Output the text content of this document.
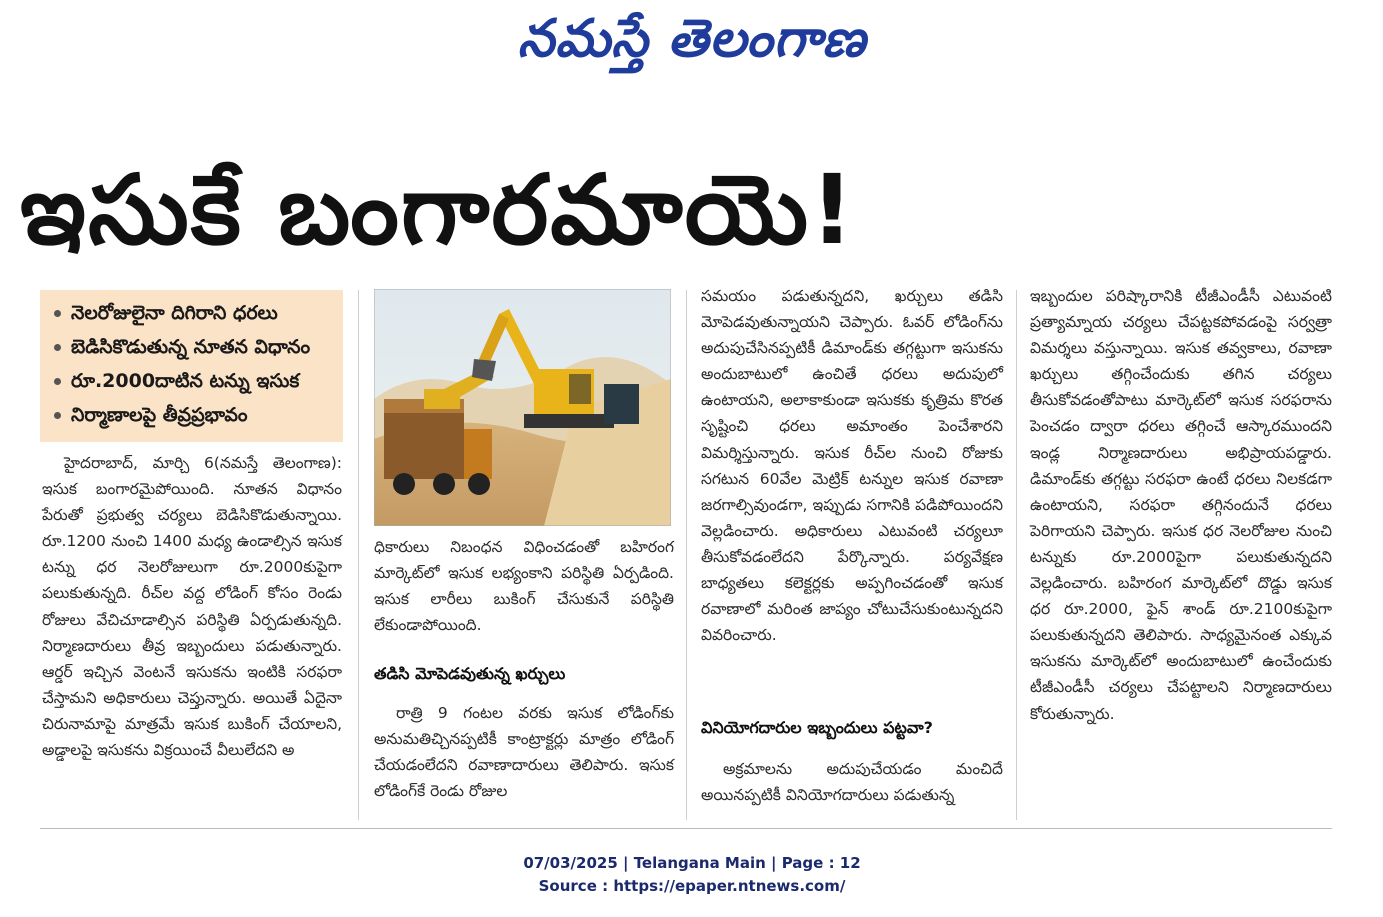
నమస్తే తెలంగాణ
ఇసుకే బంగారమాయె!
నెలరోజులైనా దిగిరాని ధరలు
బెడిసికొడుతున్న నూతన విధానం
రూ.2000దాటిన టన్ను ఇసుక
నిర్మాణాలపై తీవ్రప్రభావం

హైదరాబాద్, మార్చి 6(నమస్తే తెలంగాణ): ఇసుక బంగారమైపోయింది. నూతన విధానం పేరుతో ప్రభుత్వ చర్యలు బెడిసికొడుతున్నాయి. రూ.1200 నుంచి 1400 మధ్య ఉండాల్సిన ఇసుక టన్ను ధర నెలరోజులుగా రూ.2000కుపైగా పలుకుతున్నది. రీచ్‌ల వద్ద లోడింగ్ కోసం రెండు రోజులు వేచిచూడాల్సిన పరిస్థితి ఏర్పడుతున్నది. నిర్మాణదారులు తీవ్ర ఇబ్బందులు పడుతున్నారు. ఆర్డర్ ఇచ్చిన వెంటనే ఇసుకను ఇంటికి సరఫరా చేస్తామని అధికారులు చెప్తున్నారు. అయితే ఏదైనా చిరునామాపై మాత్రమే ఇసుక బుకింగ్ చేయాలని, అడ్డాలపై ఇసుకను విక్రయించే వీలులేదని అ

ధికారులు నిబంధన విధించడంతో బహిరంగ మార్కెట్‌లో ఇసుక లభ్యంకాని పరిస్థితి ఏర్పడింది. ఇసుక లారీలు బుకింగ్ చేసుకునే పరిస్థితి లేకుండాపోయింది.

తడిసి మోపెడవుతున్న ఖర్చులు

రాత్రి 9 గంటల వరకు ఇసుక లోడింగ్‌కు అనుమతిచ్చినప్పటికీ కాంట్రాక్టర్లు మాత్రం లోడింగ్ చేయడంలేదని రవాణాదారులు తెలిపారు. ఇసుక లోడింగ్‌కే రెండు రోజుల

సమయం పడుతున్నదని, ఖర్చులు తడిసి మోపెడవుతున్నాయని చెప్పారు. ఓవర్ లోడింగ్‌ను అదుపుచేసినప్పటికీ డిమాండ్‌కు తగ్గట్టుగా ఇసుకను అందుబాటులో ఉంచితే ధరలు అదుపులో ఉంటాయని, అలాకాకుండా ఇసుకకు కృత్రిమ కొరత సృష్టించి ధరలు అమాంతం పెంచేశారని విమర్శిస్తున్నారు. ఇసుక రీచ్‌ల నుంచి రోజుకు సగటున 60వేల మెట్రిక్ టన్నుల ఇసుక రవాణా జరగాల్సివుండగా, ఇప్పుడు సగానికి పడిపోయిందని వెల్లడించారు. అధికారులు ఎటువంటి చర్యలూ తీసుకోవడంలేదని పేర్కొన్నారు. పర్యవేక్షణ బాధ్యతలు కలెక్టర్లకు అప్పగించడంతో ఇసుక రవాణాలో మరింత జాప్యం చోటుచేసుకుంటున్నదని వివరించారు.

వినియోగదారుల ఇబ్బందులు పట్టవా?

అక్రమాలను అదుపుచేయడం మంచిదే అయినప్పటికీ వినియోగదారులు పడుతున్న

ఇబ్బందుల పరిష్కారానికి టీజీఎండీసీ ఎటువంటి ప్రత్యామ్నాయ చర్యలు చేపట్టకపోవడంపై సర్వత్రా విమర్శలు వస్తున్నాయి. ఇసుక తవ్వకాలు, రవాణా ఖర్చులు తగ్గించేందుకు తగిన చర్యలు తీసుకోవడంతోపాటు మార్కెట్‌లో ఇసుక సరఫరాను పెంచడం ద్వారా ధరలు తగ్గించే ఆస్కారముందని ఇండ్ల నిర్మాణదారులు అభిప్రాయపడ్డారు. డిమాండ్‌కు తగ్గట్టు సరఫరా ఉంటే ధరలు నిలకడగా ఉంటాయని, సరఫరా తగ్గినందునే ధరలు పెరిగాయని చెప్పారు. ఇసుక ధర నెలరోజుల నుంచి టన్నుకు రూ.2000పైగా పలుకుతున్నదని వెల్లడించారు. బహిరంగ మార్కెట్‌లో దొడ్డు ఇసుక ధర రూ.2000, ఫైన్ శాండ్ రూ.2100కుపైగా పలుకుతున్నదని తెలిపారు. సాధ్యమైనంత ఎక్కువ ఇసుకను మార్కెట్‌లో అందుబాటులో ఉంచేందుకు టీజీఎండీసీ చర్యలు చేపట్టాలని నిర్మాణదారులు కోరుతున్నారు.

07/03/2025 | Telangana Main | Page : 12
Source : https://epaper.ntnews.com/
